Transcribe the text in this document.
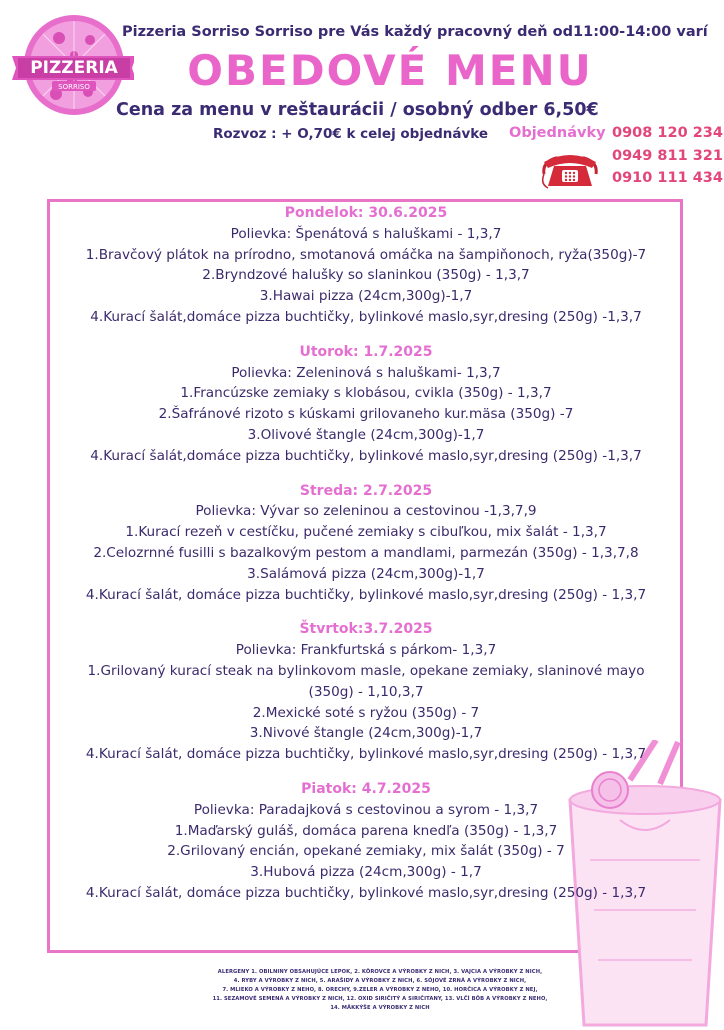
PIZZERIA
SORRISO
Pizzeria Sorriso Sorriso pre Vás každý pracovný deň od11:00-14:00 varí
OBEDOVÉ MENU
Cena za menu v reštaurácii / osobný odber 6,50€
Rozvoz : + O,70€ k celej objednávke Objednávky 0908 120 234
0949 811 321
0910 111 434
Pondelok: 30.6.2025
Polievka: Špenátová s haluškami - 1,3,7
1.Bravčový plátok na prírodno, smotanová omáčka na šampiňonoch, ryža(350g)-7
2.Bryndzové halušky so slaninkou (350g) - 1,3,7
3.Hawai pizza (24cm,300g)-1,7
4.Kurací šalát,domáce pizza buchtičky, bylinkové maslo,syr,dresing (250g) -1,3,7
Utorok: 1.7.2025
Polievka: Zeleninová s haluškami- 1,3,7
1.Francúzske zemiaky s klobásou, cvikla (350g) - 1,3,7
2.Šafránové rizoto s kúskami grilovaneho kur.mäsa (350g) -7
3.Olivové štangle (24cm,300g)-1,7
4.Kurací šalát,domáce pizza buchtičky, bylinkové maslo,syr,dresing (250g) -1,3,7
Streda: 2.7.2025
Polievka: Vývar so zeleninou a cestovinou -1,3,7,9
1.Kurací rezeň v cestíčku, pučené zemiaky s cibuľkou, mix šalát - 1,3,7
2.Celozrnné fusilli s bazalkovým pestom a mandlami, parmezán (350g) - 1,3,7,8
3.Salámová pizza (24cm,300g)-1,7
4.Kurací šalát, domáce pizza buchtičky, bylinkové maslo,syr,dresing (250g) - 1,3,7
Štvrtok:3.7.2025
Polievka: Frankfurtská s párkom- 1,3,7
1.Grilovaný kurací steak na bylinkovom masle, opekane zemiaky, slaninové mayo (350g) - 1,10,3,7
2.Mexické soté s ryžou (350g) - 7
3.Nivové štangle (24cm,300g)-1,7
4.Kurací šalát, domáce pizza buchtičky, bylinkové maslo,syr,dresing (250g) - 1,3,7
Piatok: 4.7.2025
Polievka: Paradajková s cestovinou a syrom - 1,3,7
1.Maďarský guláš, domáca parena knedľa (350g) - 1,3,7
2.Grilovaný encián, opekané zemiaky, mix šalát (350g) - 7
3.Hubová pizza (24cm,300g) - 1,7
4.Kurací šalát, domáce pizza buchtičky, bylinkové maslo,syr,dresing (250g) - 1,3,7
ALERGENY 1. OBILNINY OBSAHUJÚCE LEPOK, 2. KÔROVCE A VÝROBKY Z NICH, 3. VAJCIA A VÝROBKY Z NICH,
4. RYBY A VÝROBKY Z NICH, 5. ARAŠIDY A VÝROBKY Z NICH, 6. SÓJOVÉ ZRNÁ A VÝROBKY Z NICH,
7. MLIEKO A VÝROBKY Z NEHO, 8. ORECHY, 9.ZELER A VÝROBKY Z NEHO, 10. HORČICA A VÝROBKY Z NEJ,
11. SEZAMOVÉ SEMENÁ A VÝROBKY Z NICH, 12. OXID SIRIČITÝ A SIRIČITANY, 13. VLČÍ BÔB A VÝROBKY Z NEHO,
14. MÄKKÝŠE A VÝROBKY Z NICH
